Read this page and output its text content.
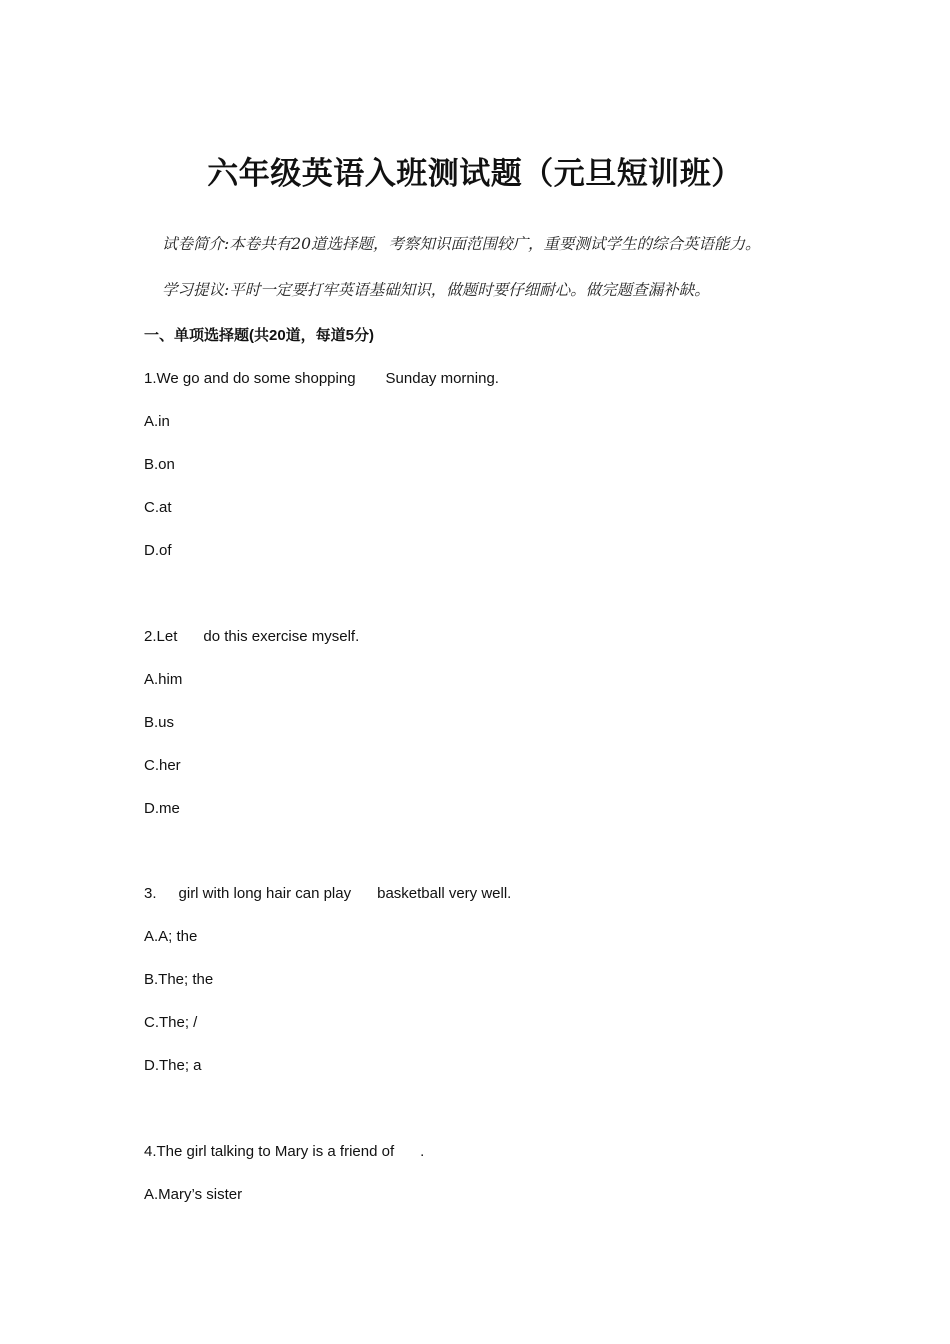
六年级英语入班测试题（元旦短训班）
试卷简介:本卷共有20道选择题，考察知识面范围较广，重要测试学生的综合英语能力。
学习提议:平时一定要打牢英语基础知识，做题时要仔细耐心。做完题查漏补缺。
一、单项选择题(共20道，每道5分)
1.We go and do some shopping Sunday morning.
A.in
B.on
C.at
D.of
2.Let do this exercise myself.
A.him
B.us
C.her
D.me
3. girl with long hair can play basketball very well.
A.A; the
B.The; the
C.The; /
D.The; a
4.The girl talking to Mary is a friend of .
A.Mary’s sister
